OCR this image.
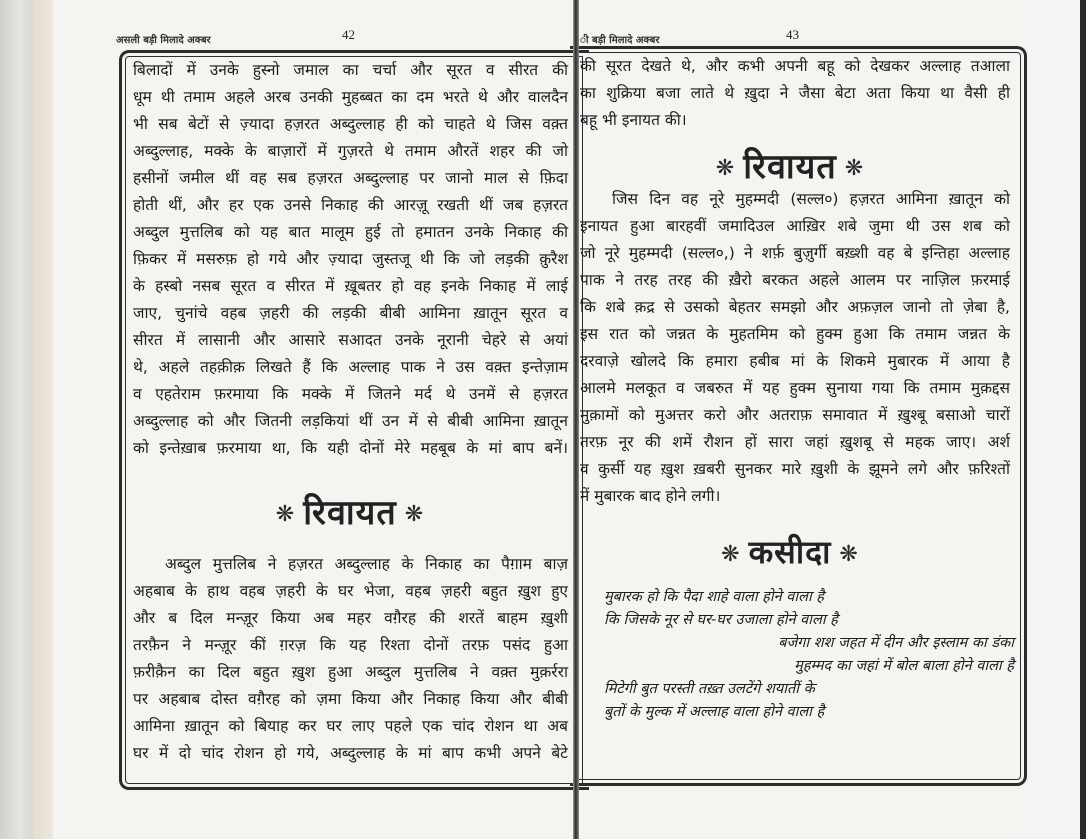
असली बड़ी मिलादे अक्बर	42	ी बड़ी मिलादे अक्बर	43
बिलादों में उनके हुस्नो जमाल का चर्चा और सूरत व सीरत की
धूम थी तमाम अहले अरब उनकी मुहब्बत का दम भरते थे और वालदैन
भी सब बेटों से ज़्यादा हज़रत अब्दुल्लाह ही को चाहते थे जिस वक़्त
अब्दुल्लाह, मक्के के बाज़ारों में गुज़रते थे तमाम औरतें शहर की जो
हसीनों जमील थीं वह सब हज़रत अब्दुल्लाह पर जानो माल से फ़िदा
होती थीं, और हर एक उनसे निकाह की आरज़ू रखती थीं जब हज़रत
अब्दुल मुत्तलिब को यह बात मालूम हुई तो हमातन उनके निकाह की
फ़िकर में मसरुफ़ हो गये और ज़्यादा जुस्तजू थी कि जो लड़की क़ुरैश
के हस्बो नसब सूरत व सीरत में ख़ूबतर हो वह इनके निकाह में लाई
जाए, चुनांचे वहब ज़हरी की लड़की बीबी आमिना ख़ातून सूरत व
सीरत में लासानी और आसारे सआदत उनके नूरानी चेहरे से अयां
थे, अहले तहक़ीक़ लिखते हैं कि अल्लाह पाक ने उस वक़्त इन्तेज़ाम
व एहतेराम फ़रमाया कि मक्के में जितने मर्द थे उनमें से हज़रत
अब्दुल्लाह को और जितनी लड़कियां थीं उन में से बीबी आमिना ख़ातून
को इन्तेख़ाब फ़रमाया था, कि यही दोनों मेरे महबूब के मां बाप बनें।
❋ रिवायत ❋
अब्दुल मुत्तलिब ने हज़रत अब्दुल्लाह के निकाह का पैग़ाम बाज़
अहबाब के हाथ वहब ज़हरी के घर भेजा, वहब ज़हरी बहुत ख़ुश हुए
और ब दिल मन्ज़ूर किया अब महर वग़ैरह की शरतें बाहम ख़ुशी
तरफ़ैन ने मन्ज़ूर कीं ग़रज़ कि यह रिश्ता दोनों तरफ़ पसंद हुआ
फ़रीक़ैन का दिल बहुत ख़ुश हुआ अब्दुल मुत्तलिब ने वक़्त मुक़र्ररा
पर अहबाब दोस्त वग़ैरह को ज़मा किया और निकाह किया और बीबी
आमिना ख़ातून को बियाह कर घर लाए पहले एक चांद रोशन था अब
घर में दो चांद रोशन हो गये, अब्दुल्लाह के मां बाप कभी अपने बेटे
की सूरत देखते थे, और कभी अपनी बहू को देखकर अल्लाह तआला
का शुक्रिया बजा लाते थे ख़ुदा ने जैसा बेटा अता किया था वैसी ही
बहू भी इनायत की।
❋ रिवायत ❋
जिस दिन वह नूरे मुहम्मदी (सल्ल०) हज़रत आमिना ख़ातून को
इनायत हुआ बारहवीं जमादिउल आख़िर शबे जुमा थी उस शब को
जो नूरे मुहम्मदी (सल्ल०,) ने शर्फ़ बुज़ुर्गी बख़्शी वह बे इन्तिहा अल्लाह
पाक ने तरह तरह की ख़ैरो बरकत अहले आलम पर नाज़िल फ़रमाई
कि शबे क़द्र से उसको बेहतर समझो और अफ़ज़ल जानो तो ज़ेबा है,
इस रात को जन्नत के मुहतमिम को हुक्म हुआ कि तमाम जन्नत के
दरवाज़े खोलदे कि हमारा हबीब मां के शिकमे मुबारक में आया है
आलमे मलकूत व जबरुत में यह हुक्म सुनाया गया कि तमाम मुक़द्दस
मुक़ामों को मुअत्तर करो और अतराफ़ समावात में ख़ुश्बू बसाओ चारों
तरफ़ नूर की शमें रौशन हों सारा जहां ख़ुशबू से महक जाए। अर्श
व कुर्सी यह ख़ुश ख़बरी सुनकर मारे ख़ुशी के झूमने लगे और फ़रिश्तों
में मुबारक बाद होने लगी।
❋ कसीदा ❋
मुबारक हो कि पैदा शाहे वाला होने वाला है
कि जिसके नूर से घर-घर उजाला होने वाला है
बजेगा शश जहत में दीन और इस्लाम का डंका
मुहम्मद का जहां में बोल बाला होने वाला है
मिटेगी बुत परस्ती तख़्त उलटेंगे शयातीं के
बुतों के मुल्क में अल्लाह वाला होने वाला है
